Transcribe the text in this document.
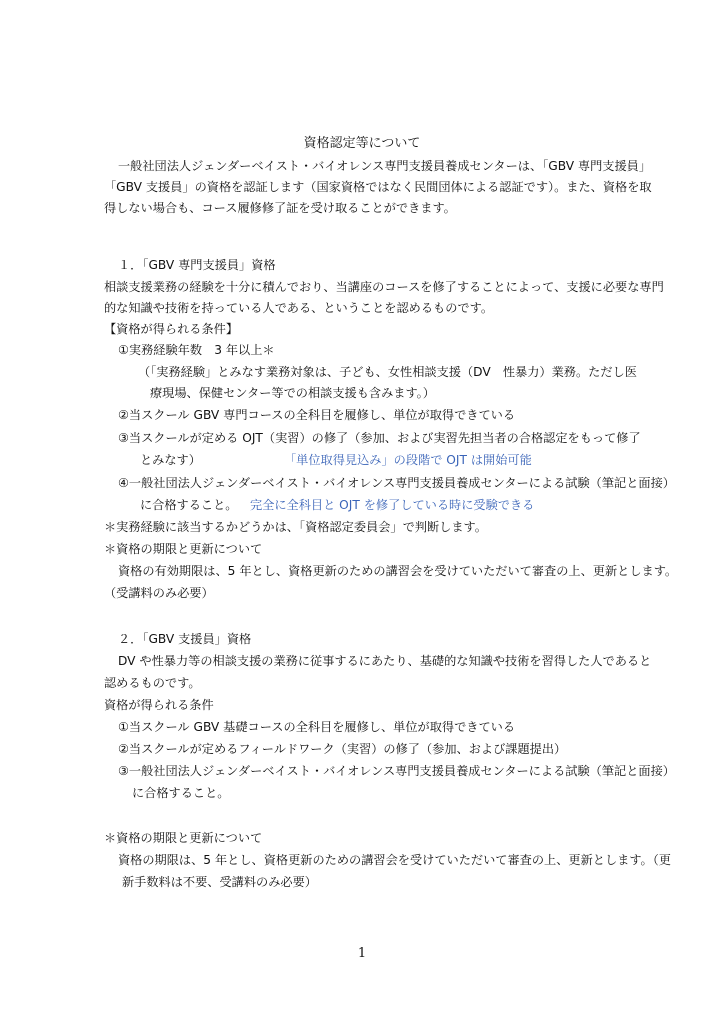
資格認定等について
一般社団法人ジェンダーベイスト・バイオレンス専門支援員養成センターは、「GBV 専門支援員」
「GBV 支援員」の資格を認証します（国家資格ではなく民間団体による認証です）。また、資格を取
得しない場合も、コース履修修了証を受け取ることができます。
１．「GBV 専門支援員」資格
相談支援業務の経験を十分に積んでおり、当講座のコースを修了することによって、支援に必要な専門
的な知識や技術を持っている人である、ということを認めるものです。
【資格が得られる条件】
①実務経験年数　3 年以上＊
（「実務経験」とみなす業務対象は、子ども、女性相談支援（DV　性暴力）業務。ただし医
療現場、保健センター等での相談支援も含みます。）
②当スクール GBV 専門コースの全科目を履修し、単位が取得できている
③当スクールが定める OJT（実習）の修了（参加、および実習先担当者の合格認定をもって修了
とみなす）	「単位取得見込み」の段階で OJT は開始可能
④一般社団法人ジェンダーベイスト・バイオレンス専門支援員養成センターによる試験（筆記と面接）
に合格すること。 完全に全科目と OJT を修了している時に受験できる
＊実務経験に該当するかどうかは、「資格認定委員会」で判断します。
＊資格の期限と更新について
資格の有効期限は、5 年とし、資格更新のための講習会を受けていただいて審査の上、更新とします。
（受講料のみ必要）
２．「GBV 支援員」資格
DV や性暴力等の相談支援の業務に従事するにあたり、基礎的な知識や技術を習得した人であると
認めるものです。
資格が得られる条件
①当スクール GBV 基礎コースの全科目を履修し、単位が取得できている
②当スクールが定めるフィールドワーク（実習）の修了（参加、および課題提出）
③一般社団法人ジェンダーベイスト・バイオレンス専門支援員養成センターによる試験（筆記と面接）
に合格すること。
＊資格の期限と更新について
資格の期限は、5 年とし、資格更新のための講習会を受けていただいて審査の上、更新とします。（更
新手数料は不要、受講料のみ必要）
1
